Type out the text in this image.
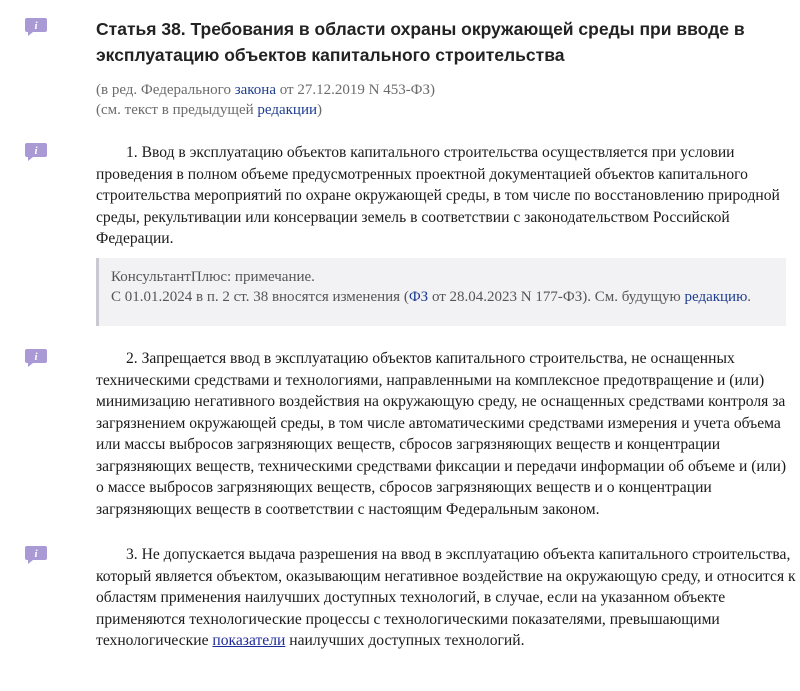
i
i
i
i
Статья 38. Требования в области охраны окружающей среды при вводе в эксплуатацию объектов капитального строительства
(в ред. Федерального закона от 27.12.2019 N 453-ФЗ)
(см. текст в предыдущей редакции)
1. Ввод в эксплуатацию объектов капитального строительства осуществляется при условии проведения в полном объеме предусмотренных проектной документацией объектов капитального строительства мероприятий по охране окружающей среды, в том числе по восстановлению природной среды, рекультивации или консервации земель в соответствии с законодательством Российской Федерации.
КонсультантПлюс: примечание.
С 01.01.2024 в п. 2 ст. 38 вносятся изменения (ФЗ от 28.04.2023 N 177-ФЗ). См. будущую редакцию.
2. Запрещается ввод в эксплуатацию объектов капитального строительства, не оснащенных техническими средствами и технологиями, направленными на комплексное предотвращение и (или) минимизацию негативного воздействия на окружающую среду, не оснащенных средствами контроля за загрязнением окружающей среды, в том числе автоматическими средствами измерения и учета объема или массы выбросов загрязняющих веществ, сбросов загрязняющих веществ и концентрации загрязняющих веществ, техническими средствами фиксации и передачи информации об объеме и (или) о массе выбросов загрязняющих веществ, сбросов загрязняющих веществ и о концентрации загрязняющих веществ в соответствии с настоящим Федеральным законом.
3. Не допускается выдача разрешения на ввод в эксплуатацию объекта капитального строительства, который является объектом, оказывающим негативное воздействие на окружающую среду, и относится к областям применения наилучших доступных технологий, в случае, если на указанном объекте применяются технологические процессы с технологическими показателями, превышающими технологические показатели наилучших доступных технологий.
